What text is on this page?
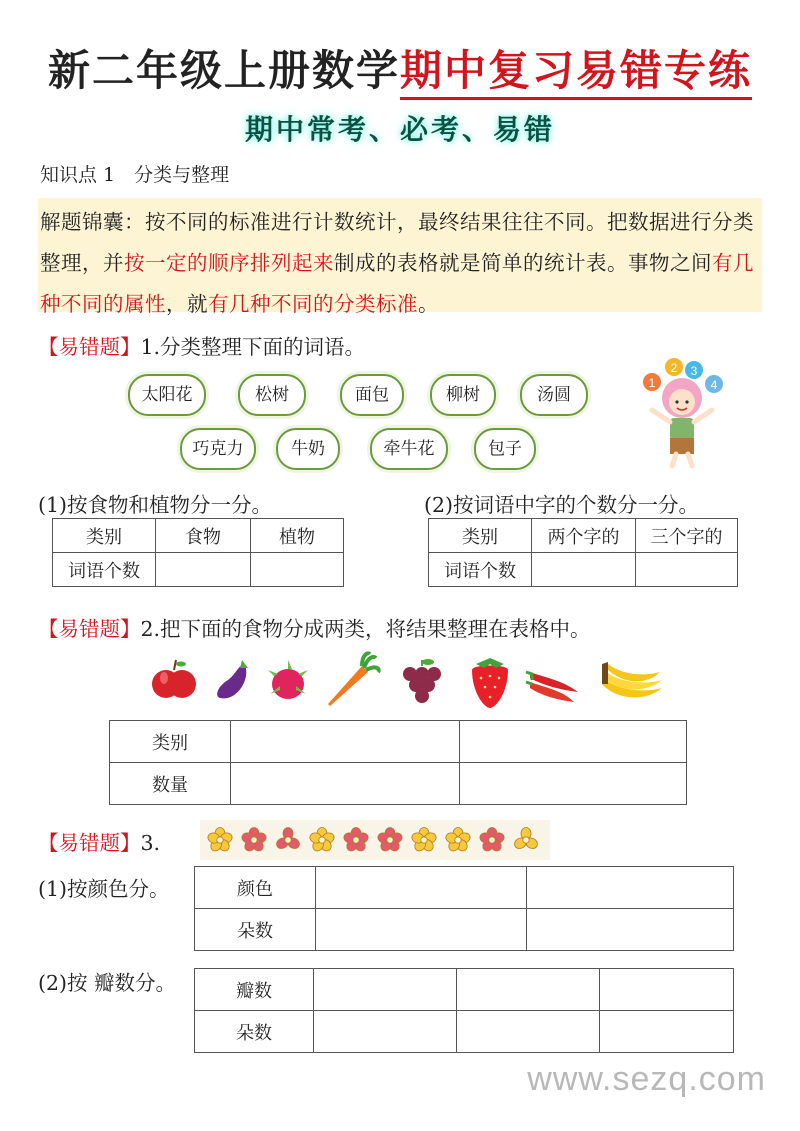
新二年级上册数学期中复习易错专练
期中常考、必考、易错
知识点 1　分类与整理
解题锦囊：按不同的标准进行计数统计，最终结果往往不同。把数据进行分类整理，并按一定的顺序排列起来制成的表格就是简单的统计表。事物之间有几种不同的属性，就有几种不同的分类标准。
【易错题】1.分类整理下面的词语。
太阳花	松树	面包	柳树	汤圆
巧克力	牛奶	牵牛花	包子
1
2 3
4
(1)按食物和植物分一分。
类别	食物	植物
词语个数		
(2)按词语中字的个数分一分。
类别	两个字的	三个字的
词语个数		
【易错题】2.把下面的食物分成两类，将结果整理在表格中。
类别		
数量		
【易错题】3.
(1)按颜色分。	颜色		
朵数		
(2)按 瓣数分。	瓣数			
朵数			
www.sezq.com
